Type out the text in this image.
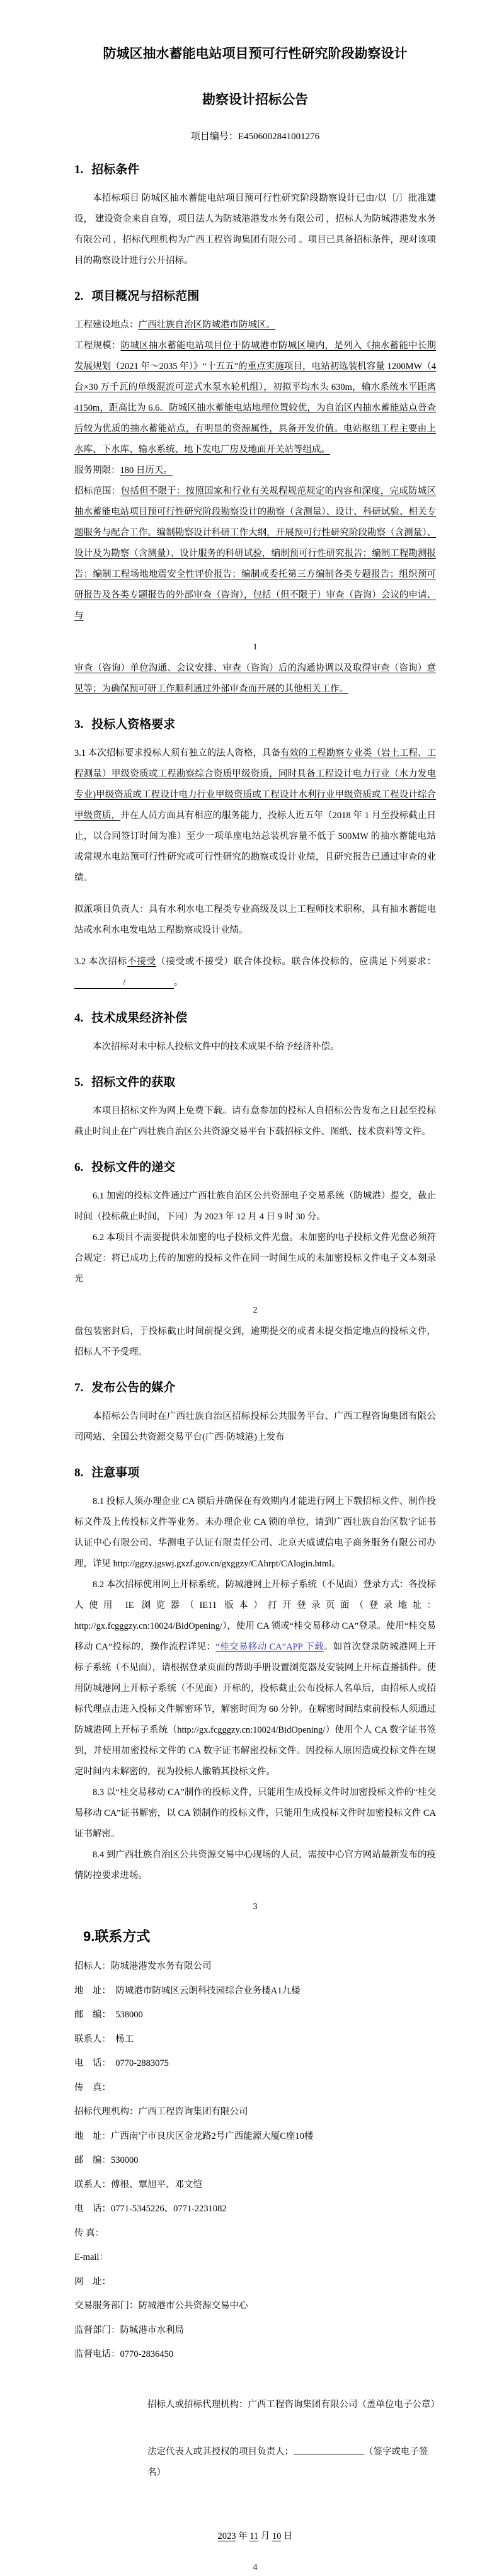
防城区抽水蓄能电站项目预可行性研究阶段勘察设计
勘察设计招标公告
项目编号：E4506002841001276
1. 招标条件

本招标项目 防城区抽水蓄能电站项目预可行性研究阶段勘察设计已由/以〔/〕批准建设， 建设资金来自自筹，项目法人为防城港港发水务有限公司 ，招标人为防城港港发水务有限公司 ，招标代理机构为广西工程咨询集团有限公司 。项目已具备招标条件，现对该项目的勘察设计进行公开招标。

2. 项目概况与招标范围

工程建设地点：广西壮族自治区防城港市防城区。

工程规模：防城区抽水蓄能电站项目位于防城港市防城区境内，是列入《抽水蓄能中长期发展规划（2021 年～2035 年）》“十五五”的重点实施项目，电站初选装机容量 1200MW（4 台×30 万千瓦的单级混流可逆式水泵水轮机组），初拟平均水头 630m，输水系统水平距离 4150m，距高比为 6.6。防城区抽水蓄能电站地理位置较优，为自治区内抽水蓄能站点普查后较为优质的抽水蓄能站点，有明显的资源属性，具备开发价值。电站枢纽工程主要由上水库、下水库、输水系统、地下发电厂房及地面开关站等组成。

服务期限：180 日历天。

招标范围：包括但不限于：按照国家和行业有关规程规范规定的内容和深度，完成防城区抽水蓄能电站项目预可行性研究阶段勘察设计的勘察（含测量）、设计、科研试验、相关专题服务与配合工作。编制勘察设计科研工作大纲，开展预可行性研究阶段勘察（含测量）、设计及为勘察（含测量）、设计服务的科研试验，编制预可行性研究报告；编制工程勘测报告；编制工程场地地震安全性评价报告；编制或委托第三方编制各类专题报告；组织预可研报告及各类专题报告的外部审查（咨询），包括（但不限于）审查（咨询）会议的申请、与

1

审查（咨询）单位沟通、会议安排、审查（咨询）后的沟通协调以及取得审查（咨询）意见等；为确保预可研工作顺利通过外部审查而开展的其他相关工作。

3. 投标人资格要求

3.1 本次招标要求投标人须有独立的法人资格，具备有效的工程勘察专业类（岩土工程、工程测量）甲级资质或工程勘察综合资质甲级资质，同时具备工程设计电力行业（水力发电专业)甲级资质或工程设计电力行业甲级资质或工程设计水利行业甲级资质或工程设计综合甲级资质，并在人员方面具有相应的服务能力，投标人近五年（2018 年 1 月至投标截止日止，以合同签订时间为准）至少一项单座电站总装机容量不低于 500MW 的抽水蓄能电站或常规水电站预可行性研究或可行性研究的勘察或设计业绩，且研究报告已通过审查的业绩。

拟派项目负责人：具有水利水电工程类专业高级及以上工程师技术职称，具有抽水蓄能电站或水利水电发电站工程勘察或设计业绩。

3.2 本次招标不接受（接受或不接受）联合体投标。联合体投标的，应满足下列要求：/	。

4. 技术成果经济补偿

本次招标对未中标人投标文件中的技术成果不给予经济补偿。

5. 招标文件的获取

本项目招标文件为网上免费下载。请有意参加的投标人自招标公告发布之日起至投标截止时间止在广西壮族自治区公共资源交易平台下载招标文件、图纸、技术资料等文件。

6. 投标文件的递交

6.1 加密的投标文件通过广西壮族自治区公共资源电子交易系统（防城港）提交，截止时间（投标截止时间，下同）为 2023 年 12 月 4 日 9 时 30 分。

6.2 本项目不需要提供未加密的电子投标文件光盘。未加密的电子投标文件光盘必须符合规定：将已成功上传的加密的投标文件在同一时间生成的未加密投标文件电子文本刻录光

2

盘包装密封后，于投标截止时间前提交到，逾期提交的或者未提交指定地点的投标文件，招标人不予受理。

7. 发布公告的媒介

本招标公告同时在广西壮族自治区招标投标公共服务平台、广西工程咨询集团有限公司网站、全国公共资源交易平台(广西·防城港)上发布

8. 注意事项

8.1 投标人须办理企业 CA 锁后并确保在有效期内才能进行网上下载招标文件、制作投标文件及上传投标文件等业务。未办理企业 CA 锁的单位，请到广西壮族自治区数字证书认证中心有限公司、华测电子认证有限责任公司、北京天威诚信电子商务服务有限公司办理，详见 http://ggzy.jgswj.gxzf.gov.cn/gxggzy/CAhrpt/CAlogin.html。

8.2 本次招标使用网上开标系统。防城港网上开标子系统（不见面）登录方式：各投标人使用 IE 浏览器（IE11 版本）打开登录页面（登录地址：http://gx.fcgggzy.cn:10024/BidOpening/），使用 CA 锁或“桂交易移动 CA”登录。使用“桂交易移动 CA”投标的，操作流程详见：“桂交易移动 CA”APP 下载。如首次登录防城港网上开标子系统（不见面），请根据登录页面的帮助手册设置浏览器及安装网上开标直播插件。使用防城港网上开标子系统（不见面）开标的，投标截止公布投标人名单后，由招标人或招标代理点击进入投标文件解密环节，解密时间为 60 分钟。在解密时间结束前投标人须通过防城港网上开标子系统（http://gx.fcgggzy.cn:10024/BidOpening/）使用个人 CA 数字证书签到，并使用加密投标文件的 CA 数字证书解密投标文件。因投标人原因造成投标文件在规定时间内未解密的，视为投标人撤销其投标文件。

8.3 以“桂交易移动 CA”制作的投标文件，只能用生成投标文件时加密投标文件的“桂交易移动 CA”证书解密，以 CA 锁制作的投标文件，只能用生成投标文件时加密投标文件 CA 证书解密。

8.4 到广西壮族自治区公共资源交易中心现场的人员，需按中心官方网站最新发布的疫情防控要求进场。

3
9.联系方式
招标人：防城港港发水务有限公司
地　址：　防城港市防城区云朗科技园综合业务楼A1九楼
邮　编：　538000
联系人：　杨工
电　话：　0770-2883075
传　真：
招标代理机构：广西工程咨询集团有限公司
地　址：广西南宁市良庆区金龙路2号广西能源大厦C座10楼
邮　编：530000
联系人：傅根、覃旭平、邓文恺
电　话：0771-5345226、0771-2231082
传 真：
E-mail：
网　址：
交易服务部门：防城港市公共资源交易中心
监督部门：防城港市水利局
监督电话：0770-2836450
招标人或招标代理机构：广西工程咨询集团有限公司（盖单位电子公章）
法定代表人或其授权的项目负责人：	（签字或电子签名）
2023 年 11 月 10 日
4
